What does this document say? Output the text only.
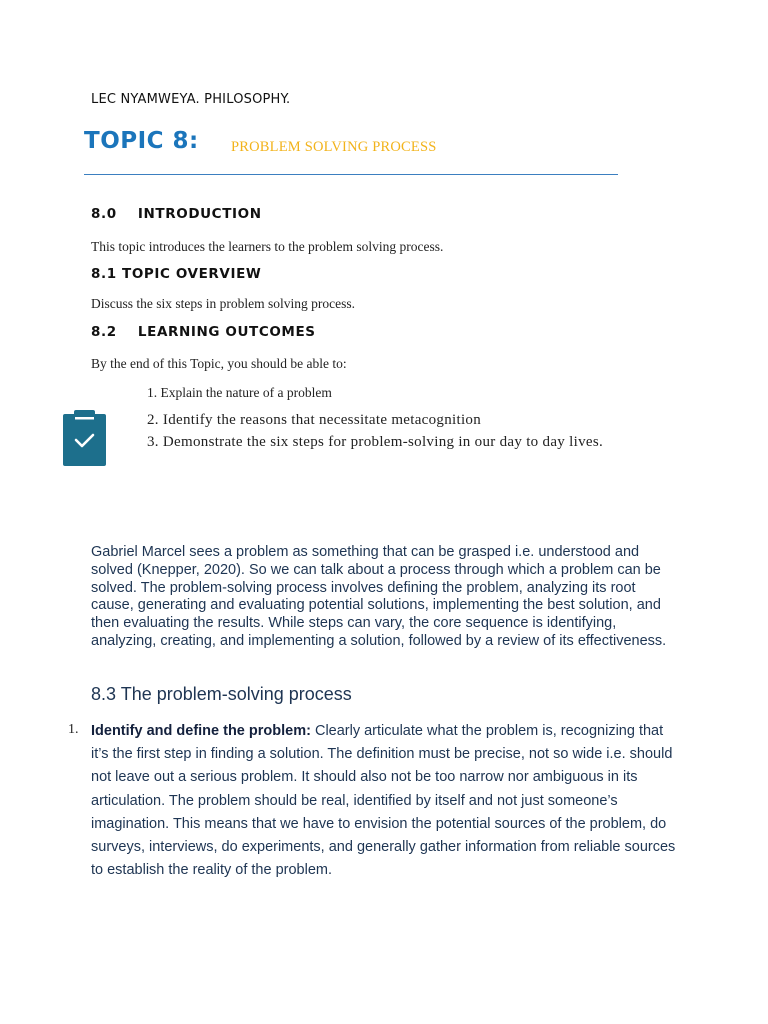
LEC NYAMWEYA. PHILOSOPHY.
TOPIC 8: PROBLEM SOLVING PROCESS
8.0    INTRODUCTION
This topic introduces the learners to the problem solving process.
8.1 TOPIC OVERVIEW
Discuss the six steps in problem solving process.
8.2    LEARNING OUTCOMES
By the end of this Topic, you should be able to:
1. Explain the nature of a problem
2. Identify the reasons that necessitate metacognition
3. Demonstrate the six steps for problem-solving in our day to day lives.
Gabriel Marcel sees a problem as something that can be grasped i.e. understood and solved (Knepper, 2020). So we can talk about a process through which a problem can be solved. The problem-solving process involves defining the problem, analyzing its root cause, generating and evaluating potential solutions, implementing the best solution, and then evaluating the results. While steps can vary, the core sequence is identifying, analyzing, creating, and implementing a solution, followed by a review of its effectiveness.
8.3 The problem-solving process
1. Identify and define the problem: Clearly articulate what the problem is, recognizing that it’s the first step in finding a solution. The definition must be precise, not so wide i.e. should not leave out a serious problem. It should also not be too narrow nor ambiguous in its articulation. The problem should be real, identified by itself and not just someone’s imagination. This means that we have to envision the potential sources of the problem, do surveys, interviews, do experiments, and generally gather information from reliable sources to establish the reality of the problem.
